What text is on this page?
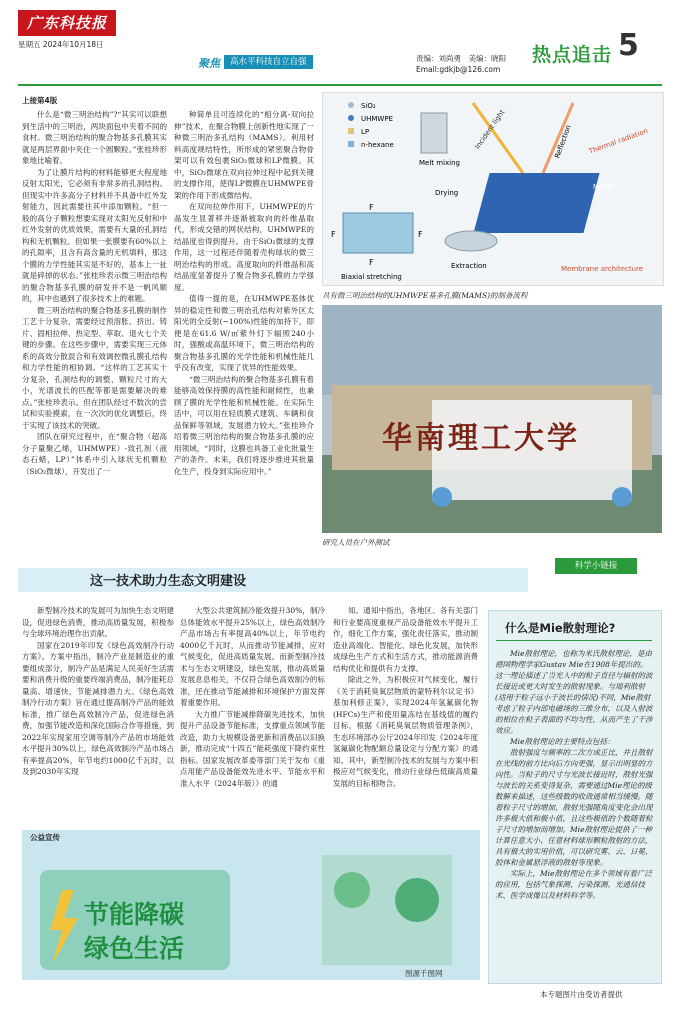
广东科技报
星期五 2024年10月18日
聚焦	高水平科技自立自强	责编：刘尚勇　美编：晓阳
Email:gdkjb@126.com
热点追击 5
上接第4版

什么是“微三明治结构”?“其实可以联想到生活中的三明治，两块面包中夹着不同的食材。微三明治结构的聚合物基多孔膜其实就是两层界面中夹住一个圆颗粒。”张桂珍形象地比喻着。

为了让膜片结构的材料能够更大程度地反射太阳光，它必须有非常多的孔洞结构。但现实中许多高分子材料并不具备中红外发射能力，因此需要往其中添加颗粒。“但一般的高分子颗粒想要实现对太阳光反射和中红外发射的优质效果，需要有大量的孔洞结构和无机颗粒。但如果一张膜要有60%以上的孔隙率，且含有高含量的无机填料，那这个膜的力学性能其实是不好的，基本上一扯就是碎掉的状态。”张桂珍表示微三明治结构的聚合物基多孔膜的研发并不是一帆风顺的，其中也遇到了很多技术上的难题。

微三明治结构的聚合物基多孔膜的制作工艺十分复杂，需要经过预溶胀、挤出、铸片、固相拉伸、热定型、萃取、退火七个关键的步骤。在这些步骤中，需要实现三元体系的高效分散混合和有效调控微孔膜孔结构和力学性能的相协调。“这样的工艺其实十分复杂，孔洞结构的调整、颗粒尺寸的大小，光谱波长的匹配等都是需要解决的难点。”张桂珍表示。但在团队经过不数次的尝试和实验摸索，在一次次的优化调整后，终于实现了该技术的突破。

团队在研究过程中，在“聚合物（超高分子量聚乙烯，UHMWPE）-致孔剂（液态石蜡，LP）”体系中引入球状无机颗粒（SiO₂微球），开发出了一

种简单且可连续化的“相分离-双向拉伸”技术，在聚合物膜上创新性地实现了一种微三明治多孔结构（MAMS）。利用材料高度规结特性，所形成的紧密聚合物骨架可以有效包裹SiO₂微球和LP微膜。其中，SiO₂微球在双向拉伸过程中起到关键的支撑作用，使得LP微膜在UHMWPE骨架的作用下形成微结构。

在双向拉伸作用下，UHMWPE的片晶发生显著移并逐渐被取向的纤维晶取代，形成交错的网状结构，UHMWPE的结晶度也得到提升。由于SiO₂微球的支撑作用，这一过程还伴随着壳构球状的微三明治结构的形成。高度取向的纤维晶和高结晶度显著提升了聚合物多孔膜的力学强度。

值得一提的是，在UHMWPE基体优异的稳定性和微三明治孔结构对紫外区太阳光的全反射(~100%)性能的加持下，即便是在61.6 W/㎡紫外灯下辐照240小时，强酸或高温环境下，微三明治结构的聚合物基多孔膜的光学性能和机械性能几乎没有改变，实现了优异的性能效果。

“微三明治结构的聚合物基多孔膜有着能够高效保持膜的高性能和耐候性，也兼顾了膜的光学性能和机械性能。在实际生活中，可以用在轻质膜式建筑、车辆和食品保鲜等领域，发展潜力较大。”张桂珍介绍着微三明治结构的聚合物基多孔膜的应用领域，“同时，这膜也具备工业化批量生产的条件。未来，我们将逐步推进其批量化生产，投身到实际应用中。”

SiO₂
UHMWPE
LP
n-hexane
Melt mixing
Incident light	Reflection Thermal radiation
MAMS
Drying
F
F
F	F
Biaxial stretching
Extraction	Membrane architecture
具有微三明治结构的UHMWPE基多孔膜(MAMS)的制备流程
华南理工大学
研究人员在户外测试
这一技术助力生态文明建设
科学小链接

新型制冷技术的发展可为加快生态文明建设，促进绿色消费，推动高质量发展，积极参与全球环境治理作出贡献。

国家在2019年印发《绿色高效制冷行动方案》。方案中指出，制冷产业是制造业的重要组成部分，制冷产品是满足人民美好生活需要和消费升级的重要终端消费品，制冷能耗总量高、增速快，节能减排潜力大。《绿色高效制冷行动方案》旨在通过提高制冷产品的能效标准，推广绿色高效制冷产品，促进绿色消费，加强节能改造和深化国际合作等措施，到2022年实现家用空调等制冷产品的市场能效水平提升30%以上，绿色高效制冷产品市场占有率提高20%，年节电约1000亿千瓦时，以及到2030年实现

大型公共建筑制冷能效提升30%，制冷总体能效水平提升25%以上，绿色高效制冷产品市场占有率提高40%以上，年节电约4000亿千瓦时，从而推动节能减排，应对气候变化，促进高质量发展。而新型制冷技术与生态文明建设，绿色发展，推动高质量发展息息相关，不仅符合绿色高效制冷的标准，还在推动节能减排和环境保护方面发挥着重要作用。

大力推广节能减排降碳先进技术，加快提升产品设备节能标准，支撑重点领域节能改造，助力大规模设备更新和消费品以旧换新，推动完成“十四五”能耗强度下降约束性指标。国家发展改革委等部门关于发布《重点用能产品设备能效先进水平、节能水平和准入水平（2024年版）》的通

知。通知中指出，各地区、各有关部门和行业要高度重视产品设备能效水平提升工作，细化工作方案，强化责任落实，推动制造业高端化、智能化、绿色化发展，加快形成绿色生产方式和生活方式，推动能源消费结构优化和提供有力支撑。

除此之外，为积极应对气候变化，履行《关于消耗臭氧层物质的蒙特利尔议定书》基加利修正案》，实现2024年氢氟碳化物(HFCs)生产和使用量冻结在基线值的履约目标，根据《消耗臭氧层物质管理条例》，生态环境部办公厅2024年印发《2024年度氢氟碳化物配额总量设定与分配方案》的通知。其中，新型制冷技术的发展与方案中积极应对气候变化，推动行业绿色低碳高质量发展的目标相吻合。

什么是Mie散射理论?

Mie散射理论，也称为米氏散射理论，是由德国物理学家Gustav Mie在1908年提出的。这一理论描述了当光入中的粒子直径与辐射的波长接近或更大时发生的散射现象。与瑞利散射(适用于粒子远小于波长的情况)不同，Mie散射考虑了粒子内部电磁场的三维分布，以及入射波的相位在粒子表面的不均匀性，从而产生了干涉效应。

Mie散射理论的主要特点包括：

散射强度与频率的二次方成正比，并且散射在光线的前方比向后方向更强，显示出明显的方向性。当粒子的尺寸与光波长接近时，散射光强与波长的关系变得复杂，需要通过Mie理论的级数解来描述，这些级数的收敛通常相当缓慢。随着粒子尺寸的增加，散射光强随角度变化会出现许多极大值和极小值，且这些极值的个数随着粒子尺寸的增加而增加。Mie散射理论提供了一种计算任意大小、任意材料球形颗粒散射的方法，具有极大的实用价值，可以研究雾、云、日冕、胶体和金属悬浮液的散射等现象。

实际上，Mie散射理论在多个领域有着广泛的应用，包括气象探测、污染探测、光通信技术、医学成像以及材料科学等。

公益宣传
节能降碳
绿色生活
图源千图网
本专题图片由受访者提供
